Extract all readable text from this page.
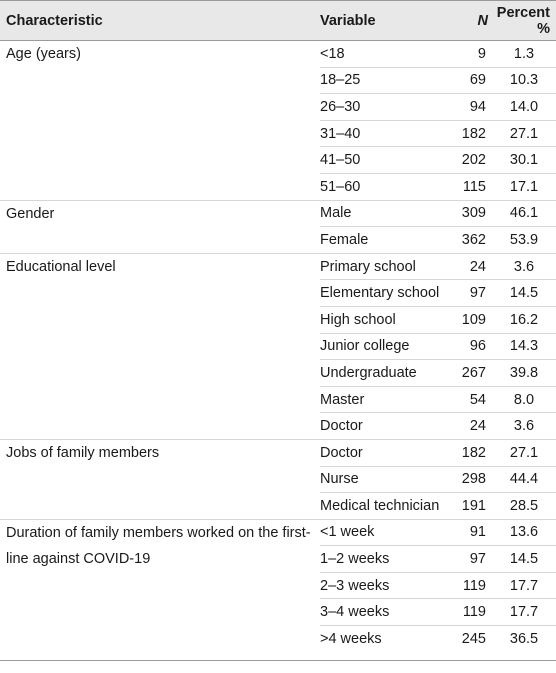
Characteristic	Variable	N	Percent %
Age (years)	<18	9	1.3
	18–25	69	10.3
	26–30	94	14.0
	31–40	182	27.1
	41–50	202	30.1
	51–60	115	17.1
Gender	Male	309	46.1
	Female	362	53.9
Educational level	Primary school	24	3.6
	Elementary school	97	14.5
	High school	109	16.2
	Junior college	96	14.3
	Undergraduate	267	39.8
	Master	54	8.0
	Doctor	24	3.6
Jobs of family members	Doctor	182	27.1
	Nurse	298	44.4
	Medical technician	191	28.5
Duration of family members worked on the first-line against COVID-19	<1 week	91	13.6
	1–2 weeks	97	14.5
	2–3 weeks	119	17.7
	3–4 weeks	119	17.7
	>4 weeks	245	36.5
